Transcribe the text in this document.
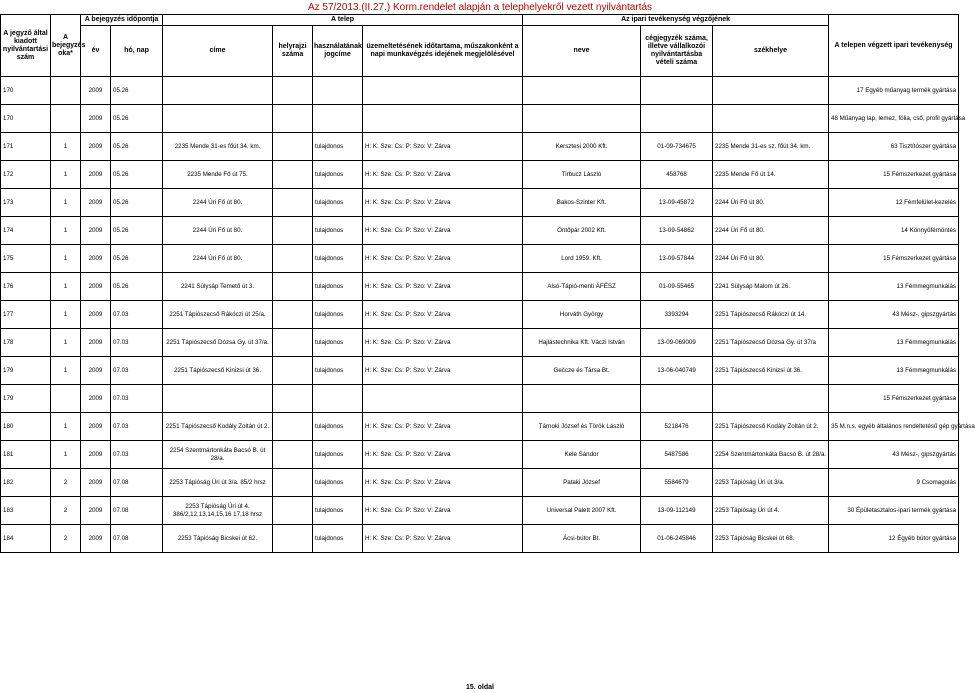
Az 57/2013.(II.27.) Korm.rendelet alapján a telephelyekről vezett nyilvántartás
A jegyző által kiadott nyilvántartási szám	A bejegyzés oka*	A bejegyzés időpontja		A telep				Az ipari tevékenység végzőjének			A telepen végzett ipari tevékenység
		év	hó, nap	címe	helyrajzi száma	használatának jogcíme	üzemeltetésének időtartama, műszakonként a napi munkavégzés idejének megjelölésével	neve	cégjegyzék száma, illetve vállalkozói nyilvántartásba vételi száma	székhelye	
170		2009	05.26								17 Egyéb műanyag termék gyártása
170		2009	05.26								48 Műanyag lap, lemez, fólia, cső, profil gyártása
171	1	2009	05.26	2235 Mende 31-es főút 34. km.		tulajdonos	H: K: Sze: Cs: P: Szo: V: Zárva	Kersztesi 2000 Kft.	01-09-734675	2235 Mende 31-es sz. főút 34. km.	63 Tisztítószer gyártása
172	1	2009	05.26	2235 Mende Fő út 75.		tulajdonos	H: K: Sze: Cs: P: Szo: V: Zárva	Tirbucz László	458768	2235 Mende Fő út 14.	15 Fémszerkezet gyártása
173	1	2009	05.26	2244 Úri Fő út 80.		tulajdonos	H: K: Sze: Cs: P: Szo: V: Zárva	Bakos-Szinter Kft.	13-09-45872	2244 Úri Fő út 80.	12 Fémfelület-kezelés
174	1	2009	05.26	2244 Úri Fő út 80.		tulajdonos	H: K: Sze: Cs: P: Szo: V: Zárva	Öntőpár 2002 Kft.	13-09-54862	2244 Úri Fő út 80.	14 Könnyűfémöntés
175	1	2009	05.26	2244 Úri Fő út 80.		tulajdonos	H: K: Sze: Cs: P: Szo: V: Zárva	Lord 1959. Kft.	13-09-57844	2244 Úri Fő út 80.	15 Fémszerkezet gyártása
176	1	2009	05.26	2241 Sülysáp Temető út 3.		tulajdonos	H: K: Sze: Cs: P: Szo: V: Zárva	Alsó-Tápió-menti ÁFÉSZ	01-09-55465	2241 Sülysáp Malom út 26.	13 Fémmegmunkálás
177	1	2009	07.03	2251 Tápiószecső Rákóczi út 25/a.		tulajdonos	H: K: Sze: Cs: P: Szo: V: Zárva	Horváth György	3393294	2251 Tápiószecső Rákóczi út 14.	43 Mész-, gipszgyártás
178	1	2009	07.03	2251 Tápiószecső Dózsa Gy. út 37/a.		tulajdonos	H: K: Sze: Cs: P: Szo: V: Zárva	Hajlástechnika Kft. Váczi István	13-09-069009	2251 Tápiószecső Dózsa Gy. út 37/a	13 Fémmegmunkálás
179	1	2009	07.03	2251 Tápiószecső Kinizsi út 36.		tulajdonos	H: K: Sze: Cs: P: Szo: V: Zárva	Gečcze és Társa Bt.	13-06-040749	2251 Tápiószecső Kinizsi út 36.	13 Fémmegmunkálás
179		2009	07.03								15 Fémszerkezet gyártása
180	1	2009	07.03	2251 Tápiószecső Kodály Zoltán út 2.		tulajdonos	H: K: Sze: Cs: P: Szo: V: Zárva	Tárnoki József és Török László	5218476	2251 Tápiószecső Kodály Zoltán út 2.	35 M.n.s. egyéb általános rendeltetésű gép gyártása
181	1	2009	07.03	2254 Szentmártonkáta Bacsó B. út 28/a.		tulajdonos	H: K: Sze: Cs: P: Szo: V: Zárva	Kele Sándor	5487586	2254 Szentmártonkáta Bacsó B. út 28/a.	43 Mész-, gipszgyártás
182	2	2009	07.08	2253 Tápióság Úri út 3/a. 85/2 hrsz		tulajdonos	H: K: Sze: Cs: P: Szo: V: Zárva	Pataki József	5584679	2253 Tápióság Úri út 3/a.	9 Csomagolás
183	2	2009	07.08	2253 Tápióság Úri út 4. 386/2,12,13,14,15,16 17,18 hrsz		tulajdonos	H: K: Sze: Cs: P: Szo: V: Zárva	Universal Palett 2007 Kft.	13-09-112149	2253 Tápióság Úri út 4.	30 Épületasztalos-ipari termék gyártása
184	2	2009	07.08	2253 Tápióság Bicskei út 62.		tulajdonos	H: K: Sze: Cs: P: Szo: V: Zárva	Ácsi-bútor Bt.	01-06-245846	2253 Tápióság Bicskei út 68.	12 Égyéb bútor gyártása
15. oldal
